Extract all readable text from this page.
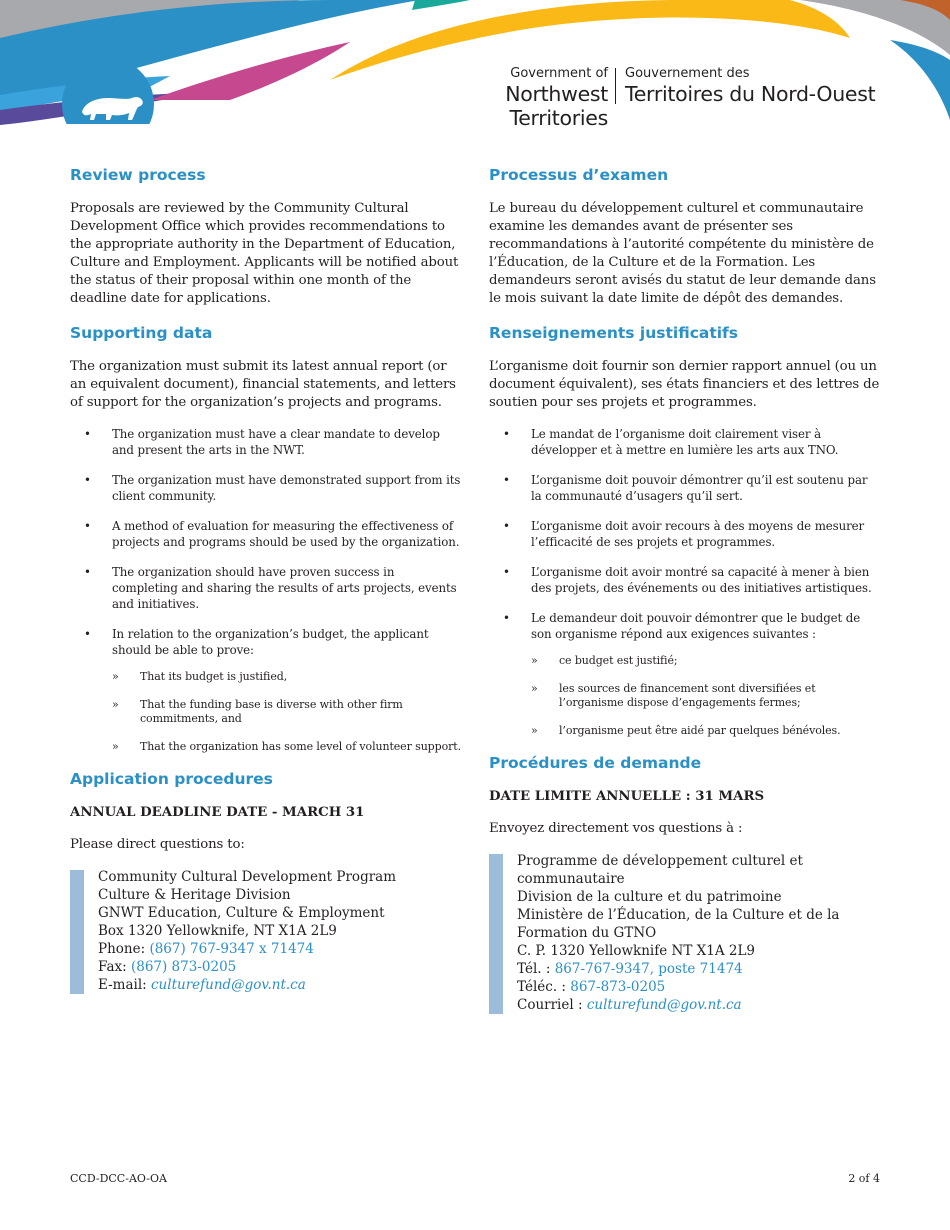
Government of
Northwest Territories
Gouvernement des
Territoires du Nord-Ouest
Review process

Proposals are reviewed by the Community Cultural Development Office which provides recommendations to the appropriate authority in the Department of Education, Culture and Employment. Applicants will be notified about the status of their proposal within one month of the deadline date for applications.

Supporting data

The organization must submit its latest annual report (or an equivalent document), financial statements, and letters of support for the organization’s projects and programs.

• The organization must have a clear mandate to develop and present the arts in the NWT.
• The organization must have demonstrated support from its client community.
• A method of evaluation for measuring the effectiveness of projects and programs should be used by the organization.
• The organization should have proven success in completing and sharing the results of arts projects, events and initiatives.
• In relation to the organization’s budget, the applicant should be able to prove:
» That its budget is justified,
» That the funding base is diverse with other firm commitments, and
» That the organization has some level of volunteer support.
Application procedures
ANNUAL DEADLINE DATE - MARCH 31

Please direct questions to:

Community Cultural Development Program
Culture & Heritage Division
GNWT Education, Culture & Employment
Box 1320 Yellowknife, NT X1A 2L9
Phone: (867) 767-9347 x 71474
Fax: (867) 873-0205
E-mail: culturefund@gov.nt.ca
Processus d’examen

Le bureau du développement culturel et communautaire examine les demandes avant de présenter ses recommandations à l’autorité compétente du ministère de l’Éducation, de la Culture et de la Formation. Les demandeurs seront avisés du statut de leur demande dans le mois suivant la date limite de dépôt des demandes.

Renseignements justificatifs

L’organisme doit fournir son dernier rapport annuel (ou un document équivalent), ses états financiers et des lettres de soutien pour ses projets et programmes.

• Le mandat de l’organisme doit clairement viser à développer et à mettre en lumière les arts aux TNO.
• L’organisme doit pouvoir démontrer qu’il est soutenu par la communauté d’usagers qu’il sert.
• L’organisme doit avoir recours à des moyens de mesurer l’efficacité de ses projets et programmes.
• L’organisme doit avoir montré sa capacité à mener à bien des projets, des événements ou des initiatives artistiques.
• Le demandeur doit pouvoir démontrer que le budget de son organisme répond aux exigences suivantes :
» ce budget est justifié;
» les sources de financement sont diversifiées et l’organisme dispose d’engagements fermes;
» l’organisme peut être aidé par quelques bénévoles.
Procédures de demande
DATE LIMITE ANNUELLE : 31 MARS

Envoyez directement vos questions à :

Programme de développement culturel et communautaire
Division de la culture et du patrimoine
Ministère de l’Éducation, de la Culture et de la Formation du GTNO
C. P. 1320 Yellowknife NT X1A 2L9
Tél. : 867-767-9347, poste 71474
Téléc. : 867-873-0205
Courriel : culturefund@gov.nt.ca
CCD-DCC-AO-OA	2 of 4
